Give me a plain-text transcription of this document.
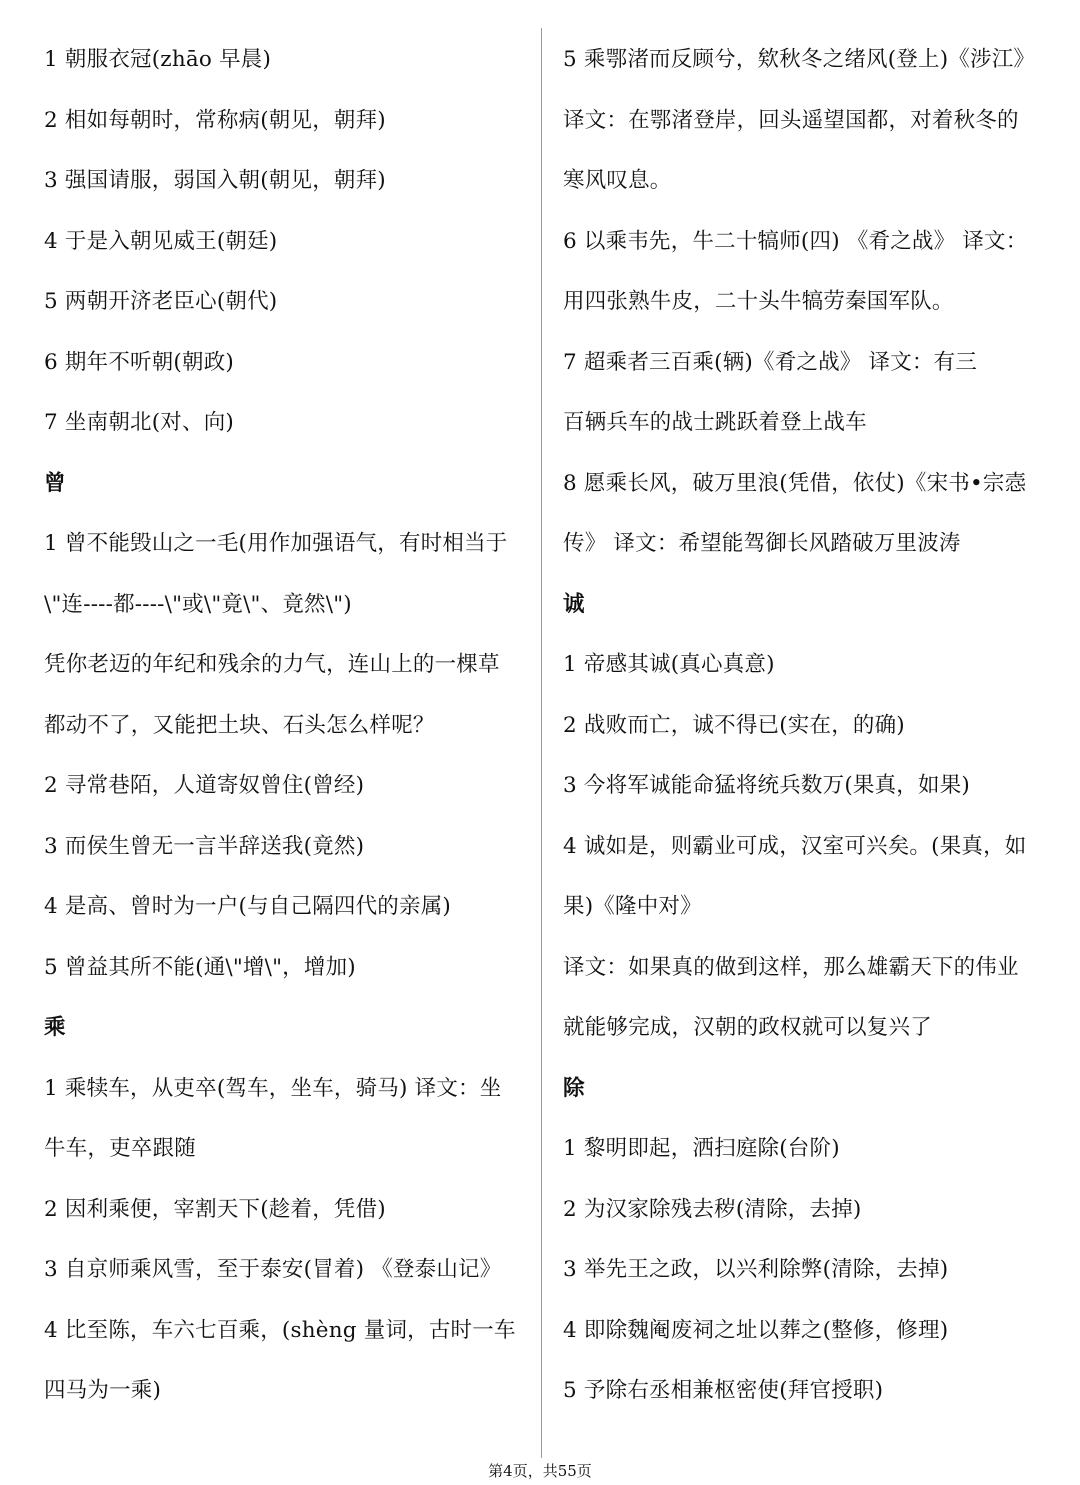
1 朝服衣冠(zhāo 早晨)
2 相如每朝时，常称病(朝见，朝拜)
3 强国请服，弱国入朝(朝见，朝拜)
4 于是入朝见威王(朝廷)
5 两朝开济老臣心(朝代)
6 期年不听朝(朝政)
7 坐南朝北(对、向)
曾
1 曾不能毁山之一毛(用作加强语气，有时相当于
\"连----都----\"或\"竟\"、竟然\")
凭你老迈的年纪和残余的力气，连山上的一棵草
都动不了，又能把土块、石头怎么样呢？
2 寻常巷陌，人道寄奴曾住(曾经)
3 而侯生曾无一言半辞送我(竟然)
4 是高、曾时为一户(与自己隔四代的亲属)
5 曾益其所不能(通\"增\"，增加)
乘
1 乘犊车，从吏卒(驾车，坐车，骑马) 译文：坐
牛车，吏卒跟随
2 因利乘便，宰割天下(趁着，凭借)
3 自京师乘风雪，至于泰安(冒着) 《登泰山记》
4 比至陈，车六七百乘，(shèng 量词，古时一车
四马为一乘)
5 乘鄂渚而反顾兮，欸秋冬之绪风(登上)《涉江》
译文：在鄂渚登岸，回头遥望国都，对着秋冬的
寒风叹息。
6 以乘韦先，牛二十犒师(四) 《肴之战》 译文：
用四张熟牛皮，二十头牛犒劳秦国军队。
7 超乘者三百乘(辆)《肴之战》 译文：有三
百辆兵车的战士跳跃着登上战车
8 愿乘长风，破万里浪(凭借，依仗)《宋书•宗悫
传》 译文：希望能驾御长风踏破万里波涛
诚
1 帝感其诚(真心真意)
2 战败而亡，诚不得已(实在，的确)
3 今将军诚能命猛将统兵数万(果真，如果)
4 诚如是，则霸业可成，汉室可兴矣。(果真，如
果)《隆中对》
译文：如果真的做到这样，那么雄霸天下的伟业
就能够完成，汉朝的政权就可以复兴了
除
1 黎明即起，洒扫庭除(台阶)
2 为汉家除残去秽(清除，去掉)
3 举先王之政，以兴利除弊(清除，去掉)
4 即除魏阉废祠之址以葬之(整修，修理)
5 予除右丞相兼枢密使(拜官授职)
第4页，共55页
